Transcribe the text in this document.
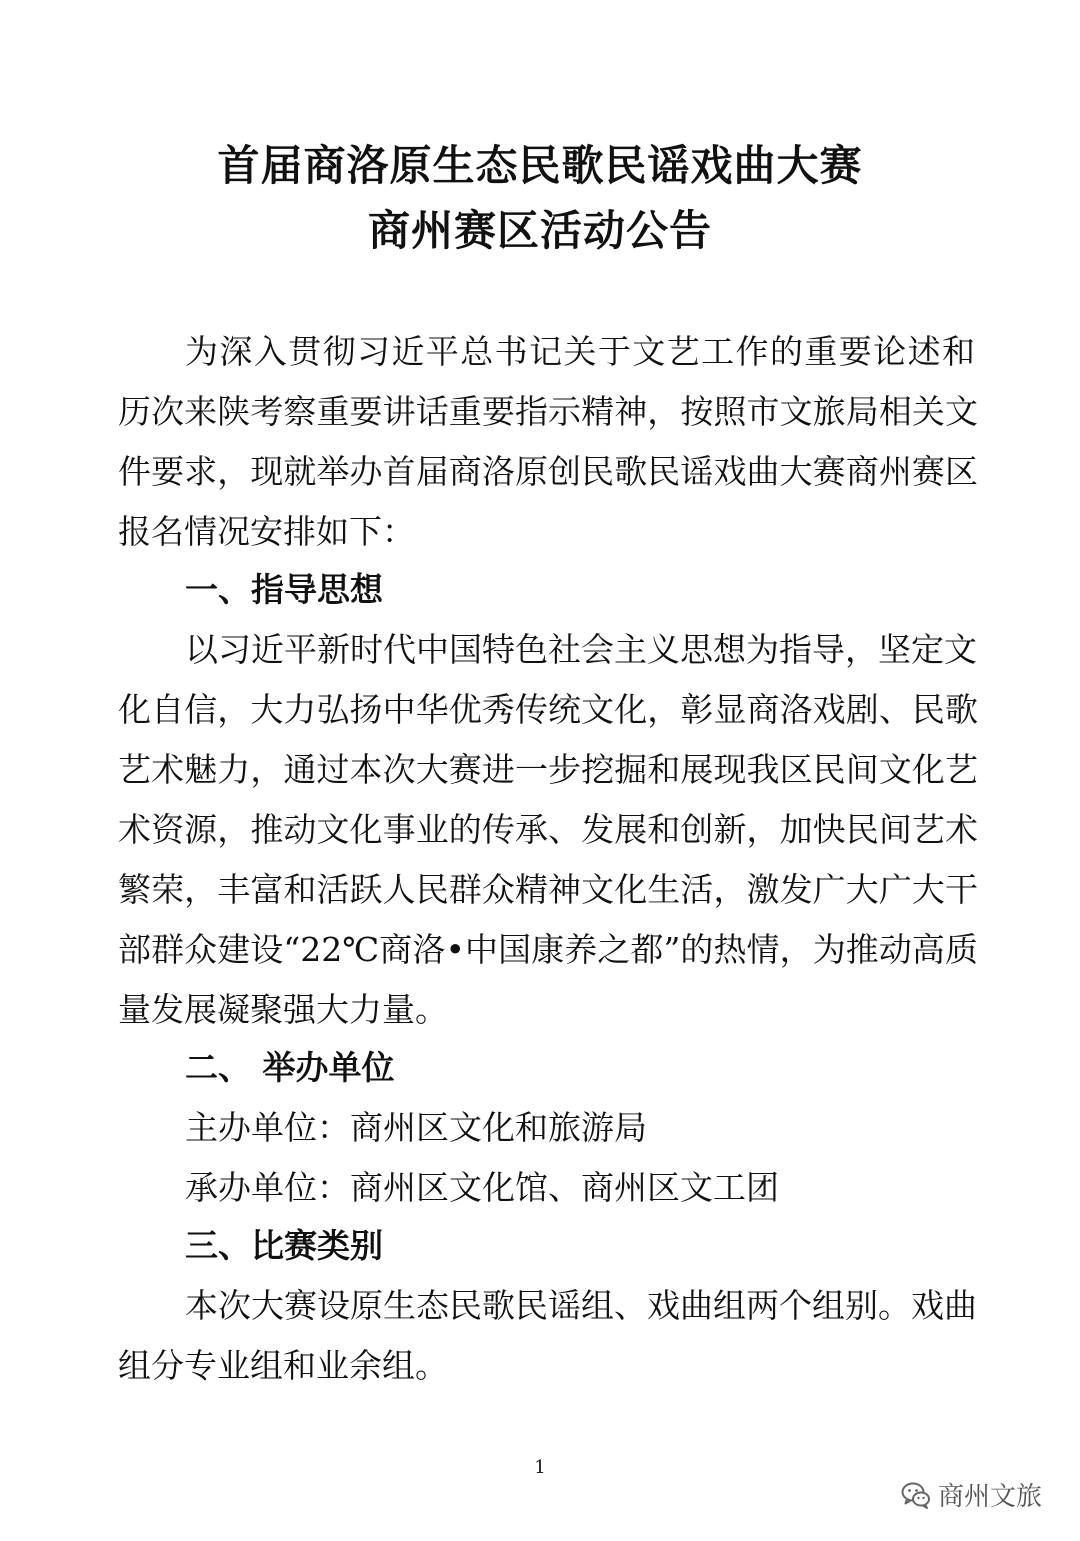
首届商洛原生态民歌民谣戏曲大赛
商州赛区活动公告
为深入贯彻习近平总书记关于文艺工作的重要论述和
历次来陕考察重要讲话重要指示精神，按照市文旅局相关文
件要求，现就举办首届商洛原创民歌民谣戏曲大赛商州赛区
报名情况安排如下：
一、指导思想
以习近平新时代中国特色社会主义思想为指导，坚定文
化自信，大力弘扬中华优秀传统文化，彰显商洛戏剧、民歌
艺术魅力，通过本次大赛进一步挖掘和展现我区民间文化艺
术资源，推动文化事业的传承、发展和创新，加快民间艺术
繁荣，丰富和活跃人民群众精神文化生活，激发广大广大干
部群众建设“22℃商洛•中国康养之都”的热情，为推动高质
量发展凝聚强大力量。
二、 举办单位
主办单位：商州区文化和旅游局
承办单位：商州区文化馆、商州区文工团
三、比赛类别
本次大赛设原生态民歌民谣组、戏曲组两个组别。戏曲
组分专业组和业余组。
1
商州文旅
